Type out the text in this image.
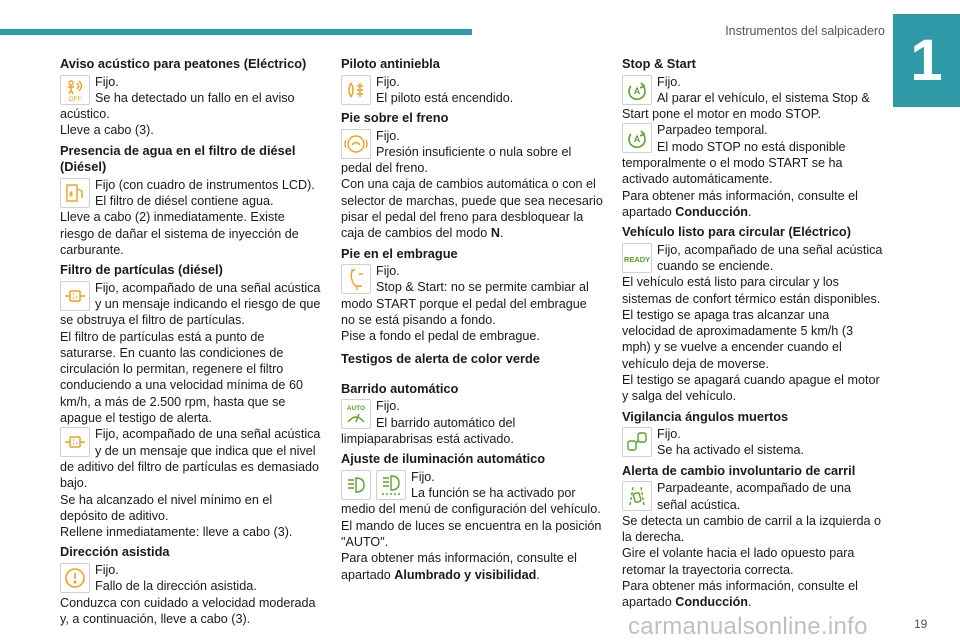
Instrumentos del salpicadero 1
Aviso acústico para peatones (Eléctrico)
OFF
Fijo.
Se ha detectado un fallo en el aviso
acústico.
Lleve a cabo (3).
Presencia de agua en el filtro de diésel (Diésel)
Fijo (con cuadro de instrumentos LCD).
El filtro de diésel contiene agua.
Lleve a cabo (2) inmediatamente. Existe riesgo de dañar el sistema de inyección de carburante.
Filtro de partículas (diésel)
Fijo, acompañado de una señal acústica y un mensaje indicando el riesgo de que se obstruya el filtro de partículas.
El filtro de partículas está a punto de saturarse. En cuanto las condiciones de circulación lo permitan, regenere el filtro conduciendo a una velocidad mínima de 60 km/h, a más de 2.500 rpm, hasta que se apague el testigo de alerta.
Fijo, acompañado de una señal acústica y de un mensaje que indica que el nivel de aditivo del filtro de partículas es demasiado bajo.
Se ha alcanzado el nivel mínimo en el depósito de aditivo.
Rellene inmediatamente: lleve a cabo (3).
Dirección asistida
Fijo.
Fallo de la dirección asistida.
Conduzca con cuidado a velocidad moderada y, a continuación, lleve a cabo (3).
Piloto antiniebla
Fijo.
El piloto está encendido.
Pie sobre el freno
Fijo.
Presión insuficiente o nula sobre el pedal del freno.
Con una caja de cambios automática o con el selector de marchas, puede que sea necesario pisar el pedal del freno para desbloquear la caja de cambios del modo N.
Pie en el embrague
Fijo.
Stop & Start: no se permite cambiar al modo START porque el pedal del embrague no se está pisando a fondo.
Pise a fondo el pedal de embrague.
Testigos de alerta de color verde
Barrido automático
AUTO Fijo.
El barrido automático del limpiaparabrisas está activado.
Ajuste de iluminación automático
Fijo.
La función se ha activado por medio del menú de configuración del vehículo.
El mando de luces se encuentra en la posición "AUTO".
Para obtener más información, consulte el apartado Alumbrado y visibilidad.
Stop & Start
A
Fijo.
Al parar el vehículo, el sistema Stop & Start pone el motor en modo STOP.
A
Parpadeo temporal.
El modo STOP no está disponible temporalmente o el modo START se ha activado automáticamente.
Para obtener más información, consulte el apartado Conducción.
Vehículo listo para circular (Eléctrico)
READY
Fijo, acompañado de una señal acústica cuando se enciende.
El vehículo está listo para circular y los sistemas de confort térmico están disponibles.
El testigo se apaga tras alcanzar una velocidad de aproximadamente 5 km/h (3 mph) y se vuelve a encender cuando el vehículo deja de moverse.
El testigo se apagará cuando apague el motor y salga del vehículo.
Vigilancia ángulos muertos
Fijo.
Se ha activado el sistema.
Alerta de cambio involuntario de carril
Parpadeante, acompañado de una señal acústica.
Se detecta un cambio de carril a la izquierda o la derecha.
Gire el volante hacia el lado opuesto para retomar la trayectoria correcta.
Para obtener más información, consulte el apartado Conducción.
carmanualsonline.info	19
